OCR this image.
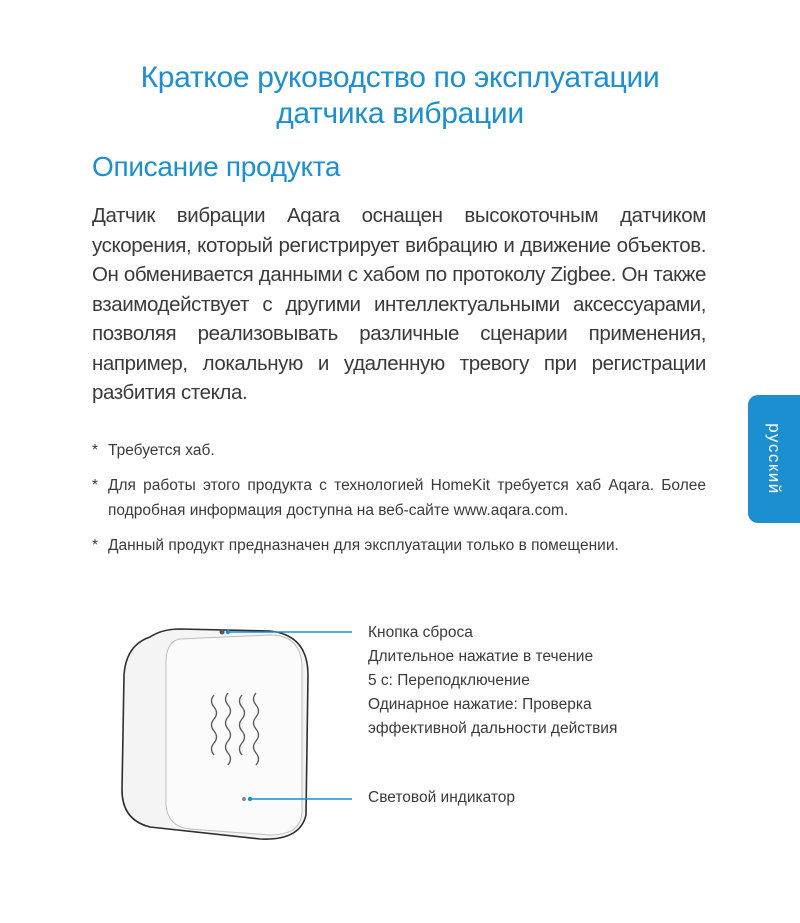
Краткое руководство по эксплуатации
датчика вибрации
Описание продукта

Датчик вибрации Aqara оснащен высокоточным датчиком ускорения, который регистрирует вибрацию и движение объектов. Он обменивается данными с хабом по протоколу Zigbee. Он также взаимодействует с другими интеллектуальными аксессуарами, позволяя реализовывать различные сценарии применения, например, локальную и удаленную тревогу при регистрации разбития стекла.

* Требуется хаб.
* Для работы этого продукта с технологией HomeKit требуется хаб Aqara. Более подробная информация доступна на веб-сайте www.aqara.com.
* Данный продукт предназначен для эксплуатации только в помещении.
русский
Кнопка сброса
Длительное нажатие в течение
5 с: Переподключение
Одинарное нажатие: Проверка
эффективной дальности действия
Световой индикатор
